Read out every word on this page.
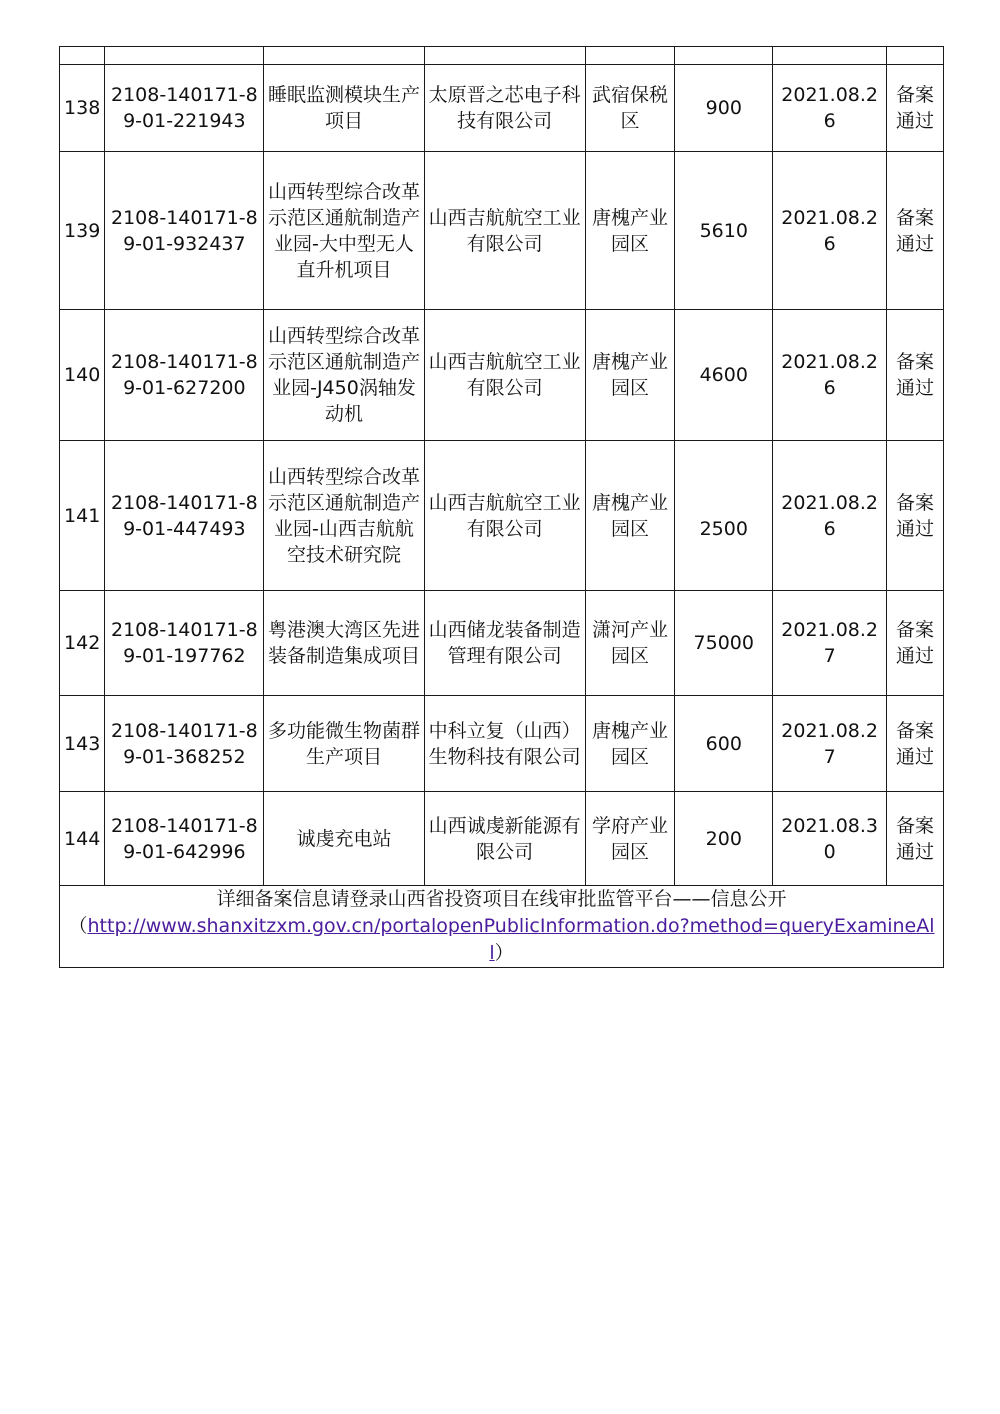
138	2108-140171-89-01-221943	睡眠监测模块生产项目	太原晋之芯电子科技有限公司	武宿保税区	900	2021.08.26	备案通过
139	2108-140171-89-01-932437	山西转型综合改革示范区通航制造产业园-大中型无人直升机项目	山西吉航航空工业有限公司	唐槐产业园区	5610	2021.08.26	备案通过
140	2108-140171-89-01-627200	山西转型综合改革示范区通航制造产业园-J450涡轴发动机	山西吉航航空工业有限公司	唐槐产业园区	4600	2021.08.26	备案通过
141	2108-140171-89-01-447493	山西转型综合改革示范区通航制造产业园-山西吉航航空技术研究院	山西吉航航空工业有限公司	唐槐产业园区	2500	2021.08.26	备案通过
142	2108-140171-89-01-197762	粤港澳大湾区先进装备制造集成项目	山西储龙装备制造管理有限公司	潇河产业园区	75000	2021.08.27	备案通过
143	2108-140171-89-01-368252	多功能微生物菌群生产项目	中科立复（山西）生物科技有限公司	唐槐产业园区	600	2021.08.27	备案通过
144	2108-140171-89-01-642996	诚虔充电站	山西诚虔新能源有限公司	学府产业园区	200	2021.08.30	备案通过
详细备案信息请登录山西省投资项目在线审批监管平台——信息公开
（http://www.shanxitzxm.gov.cn/portalopenPublicInformation.do?method=queryExamineAll）							
